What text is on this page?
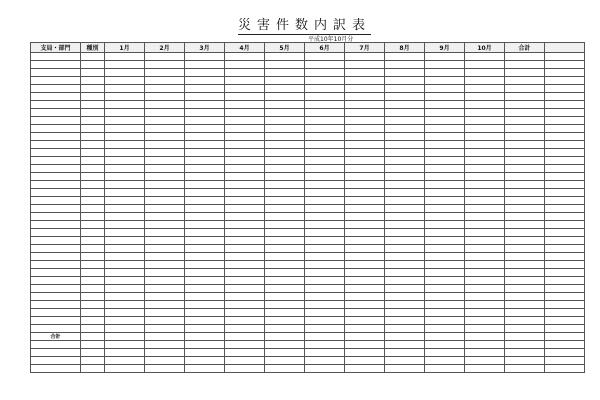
災害件数内訳表
平成10年10月分
支局・部門	種別	1月	2月	3月	4月	5月	6月	7月	8月	9月	10月	合計	

合計													
